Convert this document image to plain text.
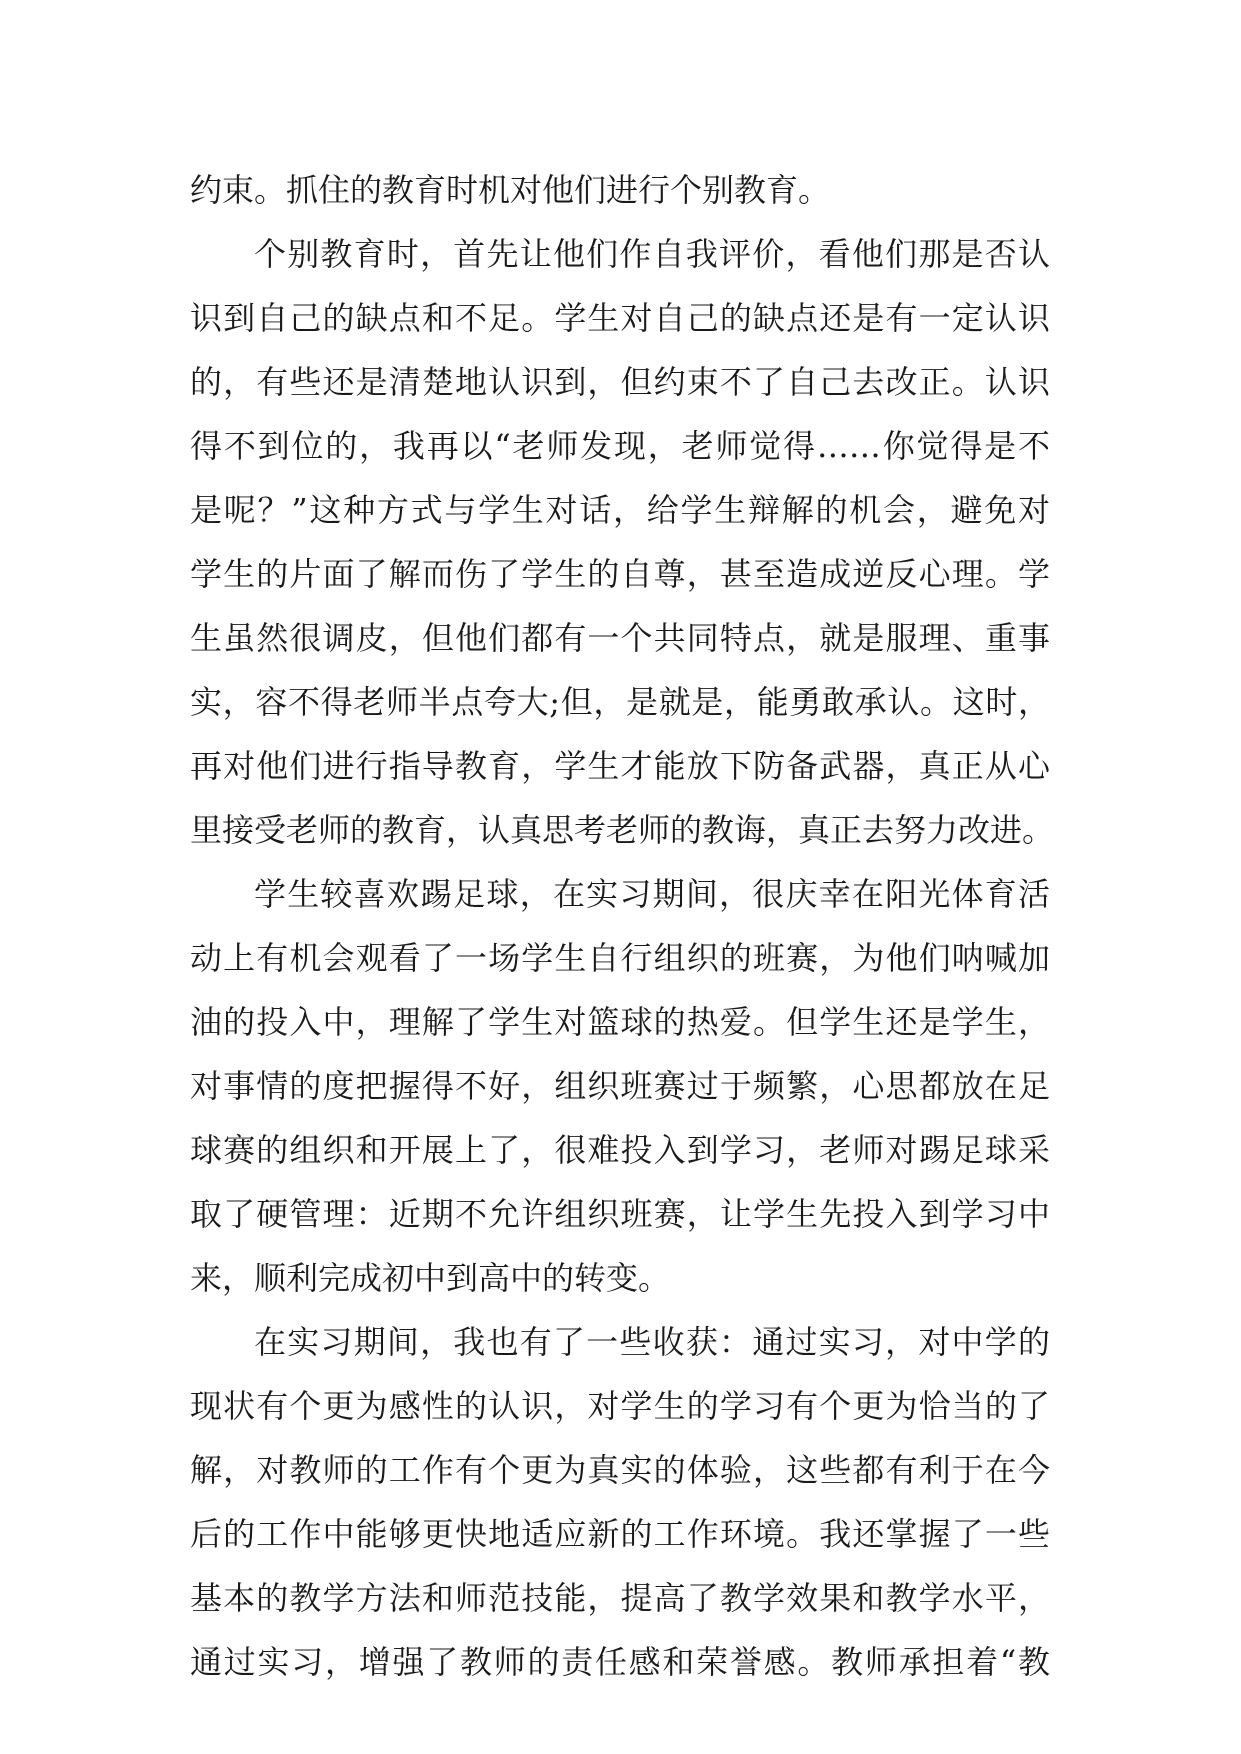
约束。抓住的教育时机对他们进行个别教育。
个别教育时，首先让他们作自我评价，看他们那是否认
识到自己的缺点和不足。学生对自己的缺点还是有一定认识
的，有些还是清楚地认识到，但约束不了自己去改正。认识
得不到位的，我再以“老师发现，老师觉得……你觉得是不
是呢？”这种方式与学生对话，给学生辩解的机会，避免对
学生的片面了解而伤了学生的自尊，甚至造成逆反心理。学
生虽然很调皮，但他们都有一个共同特点，就是服理、重事
实，容不得老师半点夸大;但，是就是，能勇敢承认。这时，
再对他们进行指导教育，学生才能放下防备武器，真正从心
里接受老师的教育，认真思考老师的教诲，真正去努力改进。
学生较喜欢踢足球，在实习期间，很庆幸在阳光体育活
动上有机会观看了一场学生自行组织的班赛，为他们呐喊加
油的投入中，理解了学生对篮球的热爱。但学生还是学生，
对事情的度把握得不好，组织班赛过于频繁，心思都放在足
球赛的组织和开展上了，很难投入到学习，老师对踢足球采
取了硬管理：近期不允许组织班赛，让学生先投入到学习中
来，顺利完成初中到高中的转变。
在实习期间，我也有了一些收获：通过实习，对中学的
现状有个更为感性的认识，对学生的学习有个更为恰当的了
解，对教师的工作有个更为真实的体验，这些都有利于在今
后的工作中能够更快地适应新的工作环境。我还掌握了一些
基本的教学方法和师范技能，提高了教学效果和教学水平，
通过实习，增强了教师的责任感和荣誉感。教师承担着“教
